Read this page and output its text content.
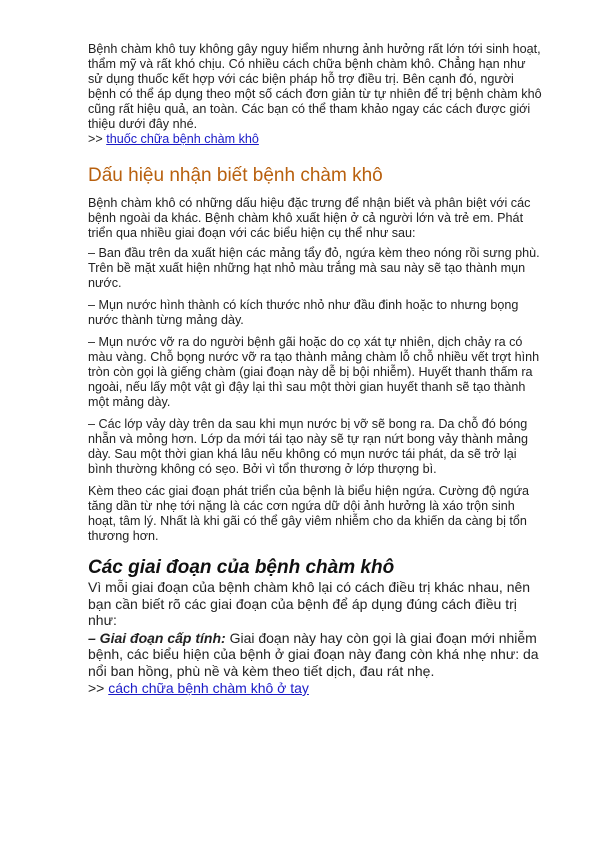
Bệnh chàm khô tuy không gây nguy hiểm nhưng ảnh hưởng rất lớn tới sinh hoạt, thẩm mỹ và rất khó chịu. Có nhiều cách chữa bệnh chàm khô. Chẳng hạn như sử dụng thuốc kết hợp với các biện pháp hỗ trợ điều trị. Bên cạnh đó, người bệnh có thể áp dụng theo một số cách đơn giản từ tự nhiên để trị bệnh chàm khô cũng rất hiệu quả, an toàn. Các bạn có thể tham khảo ngay các cách được giới thiệu dưới đây nhé.

>> thuốc chữa bệnh chàm khô

Dấu hiệu nhận biết bệnh chàm khô

Bệnh chàm khô có những dấu hiệu đặc trưng để nhận biết và phân biệt với các bệnh ngoài da khác. Bệnh chàm khô xuất hiện ở cả người lớn và trẻ em. Phát triển qua nhiều giai đoạn với các biểu hiện cụ thể như sau:

– Ban đầu trên da xuất hiện các mảng tẩy đỏ, ngứa kèm theo nóng rồi sưng phù. Trên bề mặt xuất hiện những hạt nhỏ màu trắng mà sau này sẽ tạo thành mụn nước.

– Mụn nước hình thành có kích thước nhỏ như đầu đinh hoặc to nhưng bọng nước thành từng mảng dày.

– Mụn nước vỡ ra do người bệnh gãi hoặc do cọ xát tự nhiên, dịch chảy ra có màu vàng. Chỗ bọng nước vỡ ra tạo thành mảng chàm lỗ chỗ nhiều vết trợt hình tròn còn gọi là giếng chàm (giai đoạn này dễ bị bội nhiễm). Huyết thanh thấm ra ngoài, nếu lấy một vật gì đậy lại thì sau một thời gian huyết thanh sẽ tạo thành một mảng dày.

– Các lớp vảy dày trên da sau khi mụn nước bị vỡ sẽ bong ra. Da chỗ đó bóng nhẵn và mỏng hơn. Lớp da mới tái tạo này sẽ tự rạn nứt bong vảy thành mảng dày. Sau một thời gian khá lâu nếu không có mụn nước tái phát, da sẽ trở lại bình thường không có sẹo. Bởi vì tổn thương ở lớp thượng bì.

Kèm theo các giai đoạn phát triển của bệnh là biểu hiện ngứa. Cường độ ngứa tăng dần từ nhẹ tới nặng là các cơn ngứa dữ dội ảnh hưởng là xáo trộn sinh hoạt, tâm lý. Nhất là khi gãi có thể gây viêm nhiễm cho da khiến da càng bị tổn thương hơn.

Các giai đoạn của bệnh chàm khô

Vì mỗi giai đoạn của bệnh chàm khô lại có cách điều trị khác nhau, nên bạn cần biết rõ các giai đoạn của bệnh để áp dụng đúng cách điều trị như:

– Giai đoạn cấp tính: Giai đoạn này hay còn gọi là giai đoạn mới nhiễm bệnh, các biểu hiện của bệnh ở giai đoạn này đang còn khá nhẹ như: da nổi ban hồng, phù nề và kèm theo tiết dịch, đau rát nhẹ.

>> cách chữa bệnh chàm khô ở tay
